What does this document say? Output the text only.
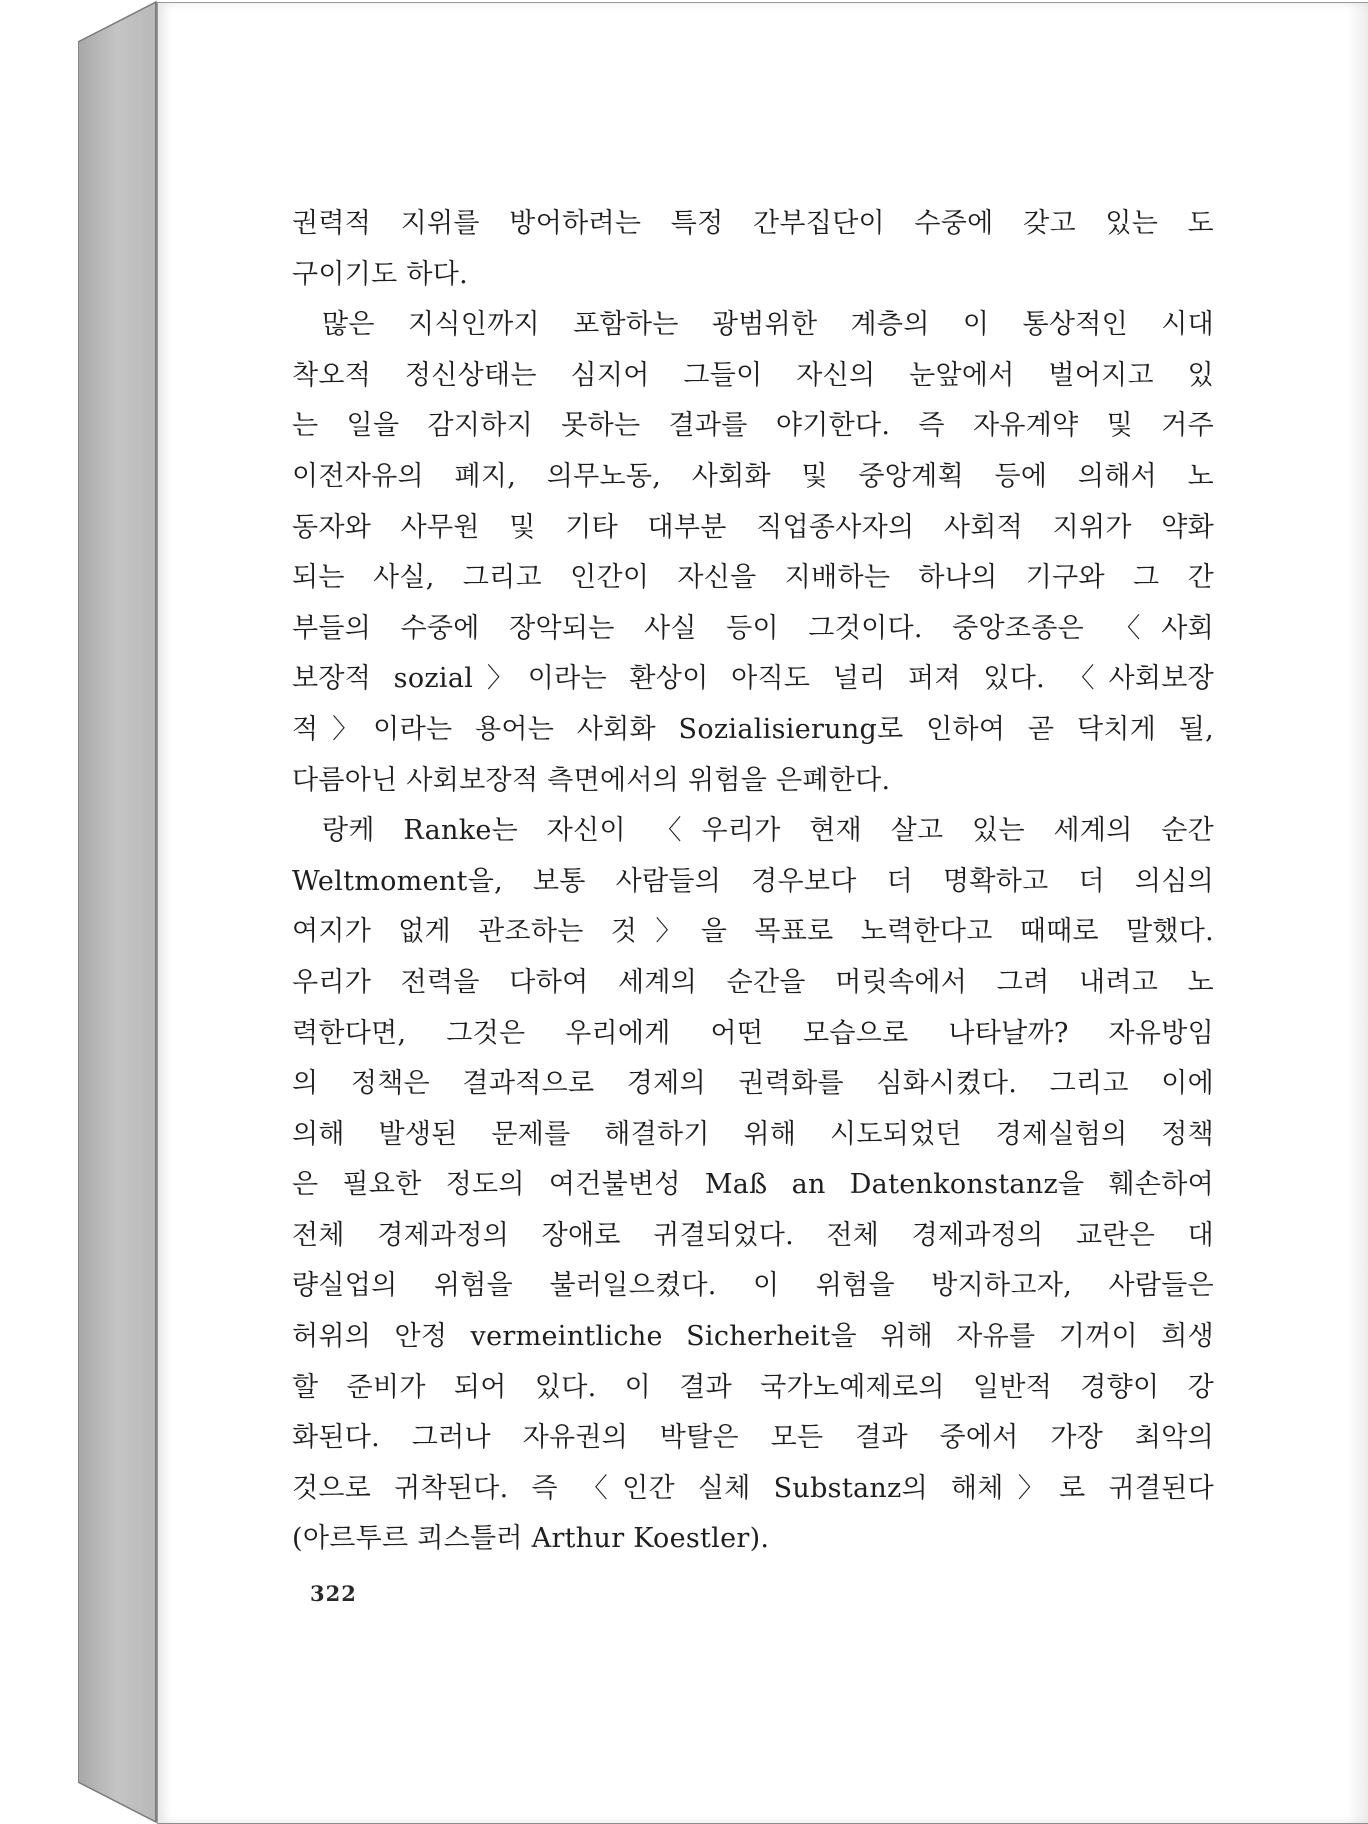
권력적 지위를 방어하려는 특정 간부집단이 수중에 갖고 있는 도
구이기도 하다.
많은 지식인까지 포함하는 광범위한 계층의 이 통상적인 시대
착오적 정신상태는 심지어 그들이 자신의 눈앞에서 벌어지고 있
는 일을 감지하지 못하는 결과를 야기한다. 즉 자유계약 및 거주
이전자유의 폐지, 의무노동, 사회화 및 중앙계획 등에 의해서 노
동자와 사무원 및 기타 대부분 직업종사자의 사회적 지위가 약화
되는 사실, 그리고 인간이 자신을 지배하는 하나의 기구와 그 간
부들의 수중에 장악되는 사실 등이 그것이다. 중앙조종은 〈사회
보장적 sozial〉이라는 환상이 아직도 널리 퍼져 있다. 〈사회보장
적〉이라는 용어는 사회화 Sozialisierung로 인하여 곧 닥치게 될,
다름아닌 사회보장적 측면에서의 위험을 은폐한다.
랑케 Ranke는 자신이 〈우리가 현재 살고 있는 세계의 순간
Weltmoment을, 보통 사람들의 경우보다 더 명확하고 더 의심의
여지가 없게 관조하는 것〉을 목표로 노력한다고 때때로 말했다.
우리가 전력을 다하여 세계의 순간을 머릿속에서 그려 내려고 노
력한다면, 그것은 우리에게 어떤 모습으로 나타날까? 자유방임
의 정책은 결과적으로 경제의 권력화를 심화시켰다. 그리고 이에
의해 발생된 문제를 해결하기 위해 시도되었던 경제실험의 정책
은 필요한 정도의 여건불변성 Maß an Datenkonstanz을 훼손하여
전체 경제과정의 장애로 귀결되었다. 전체 경제과정의 교란은 대
량실업의 위험을 불러일으켰다. 이 위험을 방지하고자, 사람들은
허위의 안정 vermeintliche Sicherheit을 위해 자유를 기꺼이 희생
할 준비가 되어 있다. 이 결과 국가노예제로의 일반적 경향이 강
화된다. 그러나 자유권의 박탈은 모든 결과 중에서 가장 최악의
것으로 귀착된다. 즉 〈인간 실체 Substanz의 해체〉로 귀결된다
(아르투르 쾨스틀러 Arthur Koestler).
322
